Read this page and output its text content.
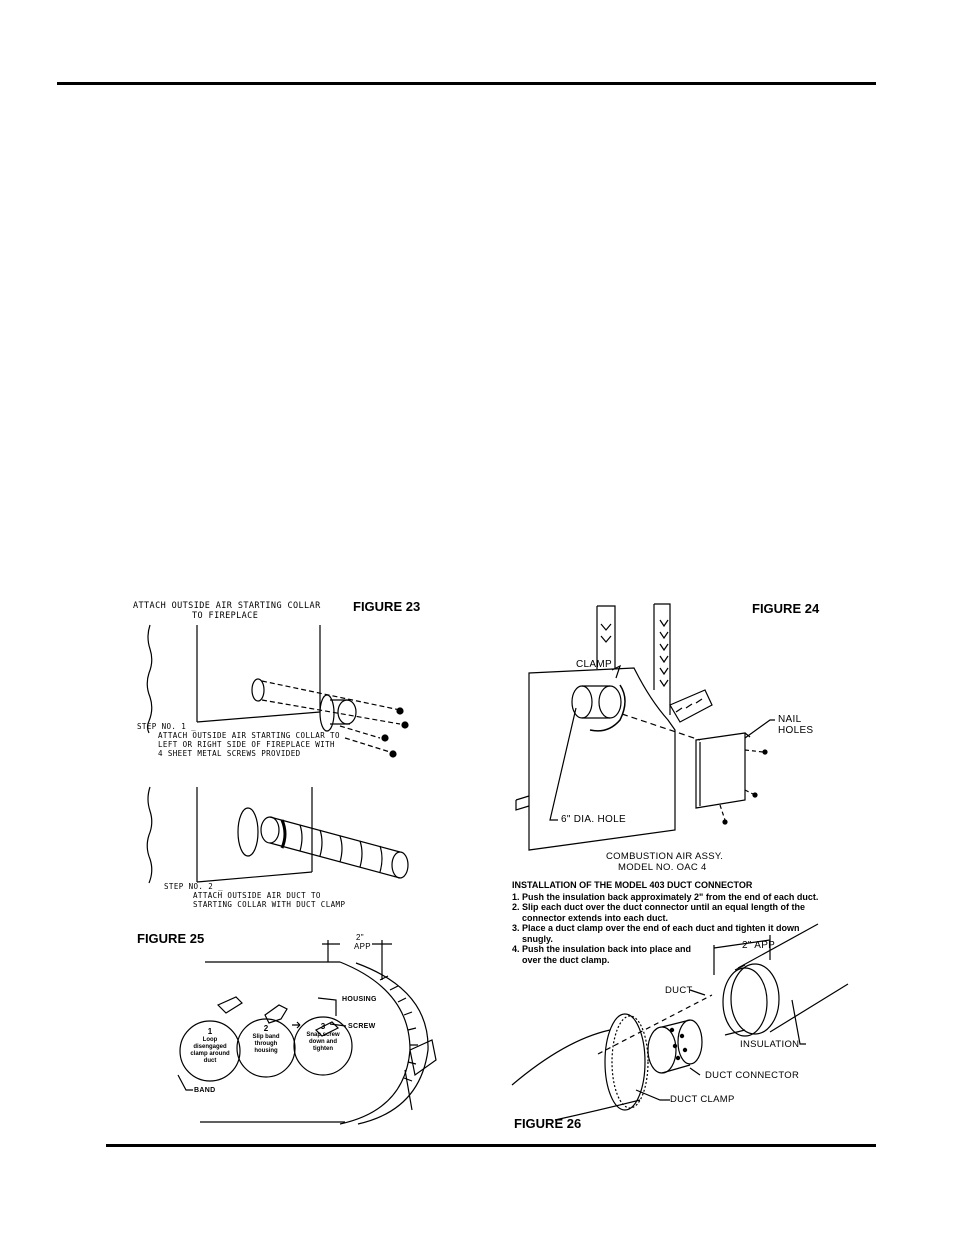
FIGURE 23
ATTACH OUTSIDE AIR STARTING COLLAR
TO FIREPLACE
STEP NO. 1 _
ATTACH OUTSIDE AIR STARTING COLLAR TO
LEFT OR RIGHT SIDE OF FIREPLACE WITH
4 SHEET METAL SCREWS PROVIDED
STEP NO. 2 _
ATTACH OUTSIDE AIR DUCT TO
STARTING COLLAR WITH DUCT CLAMP
FIGURE 24
CLAMP
NAIL
HOLES
6" DIA. HOLE
COMBUSTION AIR ASSY.
MODEL NO. OAC 4
FIGURE 25	2"
APP
HOUSING
SCREW
BAND
1
Loop disengaged clamp around duct
2
Slip band through housing
3
Snap screw down and tighten
INSTALLATION OF THE MODEL 403 DUCT CONNECTOR
1. Push the insulation back approximately 2" from the end of each duct.
2. Slip each duct over the duct connector until an equal length of the connector extends into each duct.
3. Place a duct clamp over the end of each duct and tighten it down snugly.
4. Push the insulation back into place and over the duct clamp.
2" APP.
DUCT
INSULATION
DUCT CONNECTOR
DUCT CLAMP
FIGURE 26
